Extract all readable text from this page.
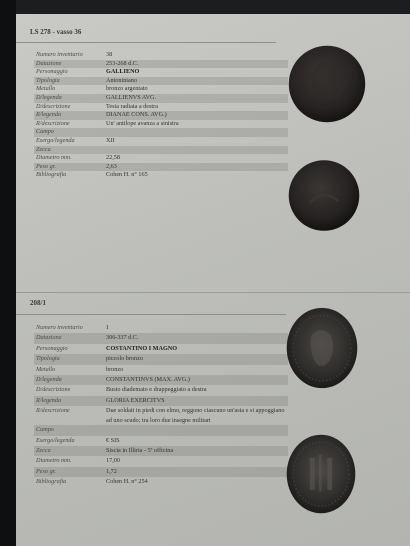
LS 278 - vasso 36
Numero inventario	38
Datazione	253-268 d.C.
Personaggio	GALLIENO
Tipologia	Antoniniano
Metallo	bronzo argentato
D/legenda	GALLIENVS AVG.
D/descrizione	Testa radiata a destra
R/legenda	DIANAE CONS. AVG.)
R/descrizione	Un' antilope avanza a sinistra
Campo	
Esergo/legenda	XII
Zecca	
Diametro mm.	22,58
Peso gr.	2,63
Bibliografia	Cohen H. n° 165
208/1
Numero inventario	1
Datazione	306-337 d.C.
Personaggio	COSTANTINO I MAGNO
Tipologia	piccolo bronzo
Metallo	bronzo
D/legenda	CONSTANTINVS (MAX. AVG.)
D/descrizione	Busto diademato e drappeggiato a destra
R/legenda	GLORIA EXERCITVS
R/descrizione		Due soldati in piedi con elmo, reggono ciascuno un'asta e si appoggiano ad uno scudo; tra loro due insegne militari

Campo	
Esergo/legenda	€ SIS
Zecca	Siscia in Illiria - 5ª officina
Diametro mm.	17,00
Peso gr.	1,72
Bibliografia	Cohen H. n° 254
